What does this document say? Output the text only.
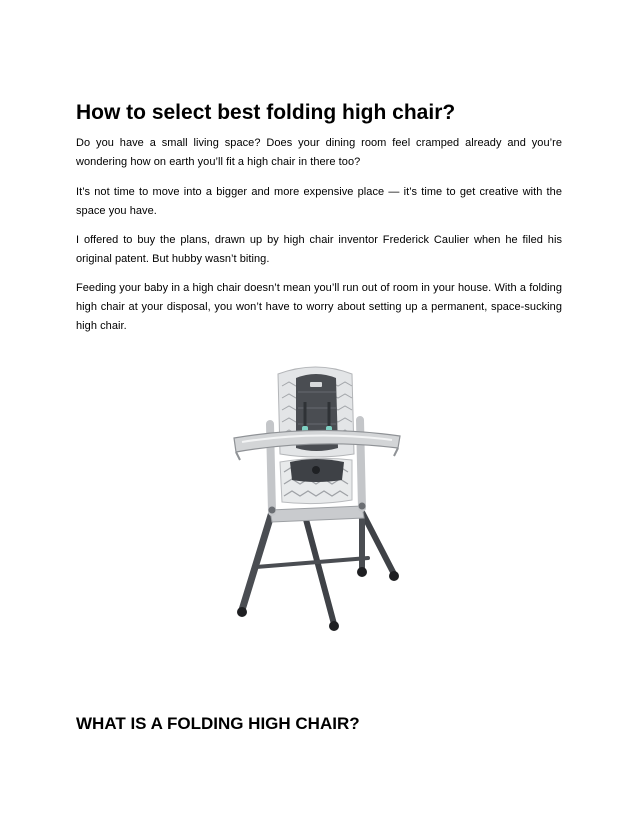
How to select best folding high chair?

Do you have a small living space? Does your dining room feel cramped already and you’re wondering how on earth you’ll fit a high chair in there too?

It’s not time to move into a bigger and more expensive place — it’s time to get creative with the space you have.

I offered to buy the plans, drawn up by high chair inventor Frederick Caulier when he filed his original patent. But hubby wasn’t biting.

Feeding your baby in a high chair doesn’t mean you’ll run out of room in your house. With a folding high chair at your disposal, you won’t have to worry about setting up a permanent, space-sucking high chair.

WHAT IS A FOLDING HIGH CHAIR?
